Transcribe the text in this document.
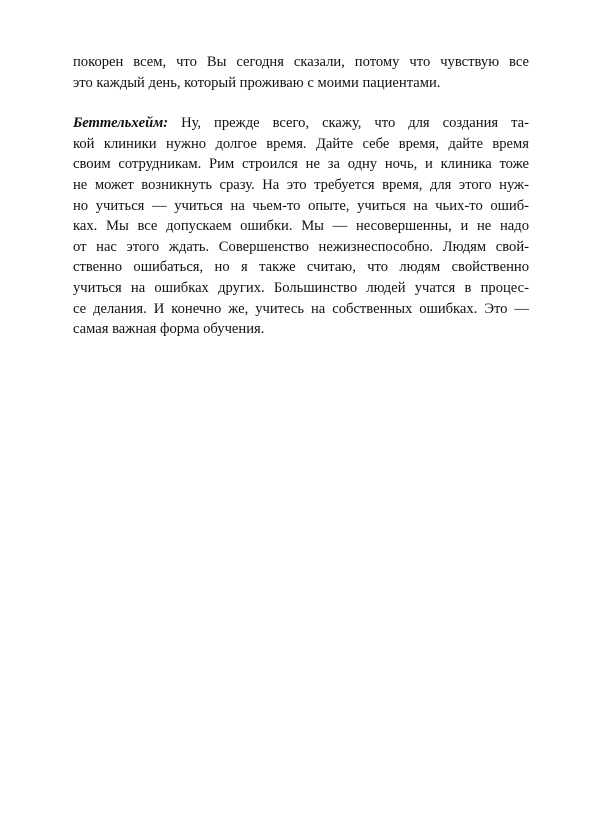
покорен всем, что Вы сегодня сказали, потому что чувствую все
это каждый день, который проживаю с моими пациентами.
Беттельхейм: Ну, прежде всего, скажу, что для создания та-
кой клиники нужно долгое время. Дайте себе время, дайте время
своим сотрудникам. Рим строился не за одну ночь, и клиника тоже
не может возникнуть сразу. На это требуется время, для этого нуж-
но учиться — учиться на чьем-то опыте, учиться на чьих-то ошиб-
ках. Мы все допускаем ошибки. Мы — несовершенны, и не надо
от нас этого ждать. Совершенство нежизнеспособно. Людям свой-
ственно ошибаться, но я также считаю, что людям свойственно
учиться на ошибках других. Большинство людей учатся в процес-
се делания. И конечно же, учитесь на собственных ошибках. Это —
самая важная форма обучения.
